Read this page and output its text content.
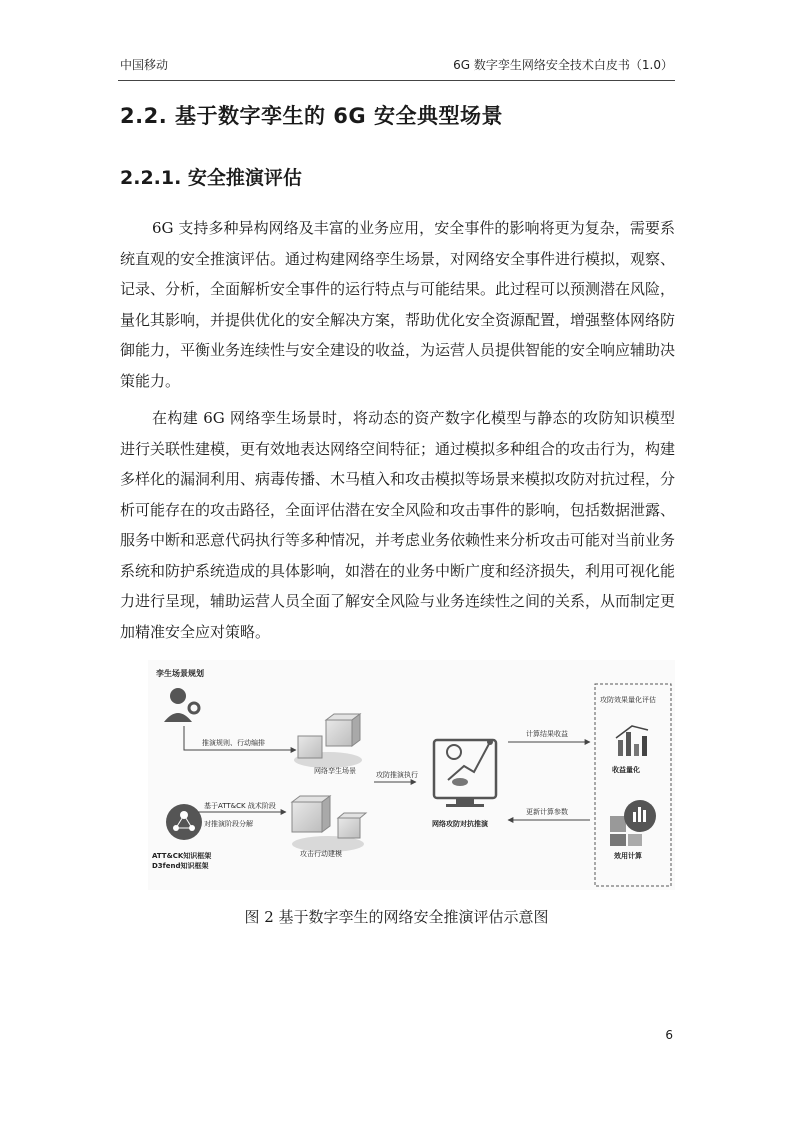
中国移动	6G 数字孪生网络安全技术白皮书（1.0）
2.2. 基于数字孪生的 6G 安全典型场景
2.2.1. 安全推演评估

6G 支持多种异构网络及丰富的业务应用，安全事件的影响将更为复杂，需要系统直观的安全推演评估。通过构建网络孪生场景，对网络安全事件进行模拟，观察、记录、分析，全面解析安全事件的运行特点与可能结果。此过程可以预测潜在风险，量化其影响，并提供优化的安全解决方案，帮助优化安全资源配置，增强整体网络防御能力，平衡业务连续性与安全建设的收益，为运营人员提供智能的安全响应辅助决策能力。

在构建 6G 网络孪生场景时，将动态的资产数字化模型与静态的攻防知识模型进行关联性建模，更有效地表达网络空间特征；通过模拟多种组合的攻击行为，构建多样化的漏洞利用、病毒传播、木马植入和攻击模拟等场景来模拟攻防对抗过程，分析可能存在的攻击路径，全面评估潜在安全风险和攻击事件的影响，包括数据泄露、服务中断和恶意代码执行等多种情况，并考虑业务依赖性来分析攻击可能对当前业务系统和防护系统造成的具体影响，如潜在的业务中断广度和经济损失，利用可视化能力进行呈现，辅助运营人员全面了解安全风险与业务连续性之间的关系，从而制定更加精准安全应对策略。

孪生场景规划
推演规则、行动编排
网络孪生场景	攻防推演执行
网络攻防对抗推演
计算结果收益
更新计算参数
攻防效果量化评估
收益量化
效用计算
ATT&CK知识框架
D3fend知识框架
基于ATT&CK 战术阶段
对推演阶段分解
攻击行动建模
图 2 基于数字孪生的网络安全推演评估示意图
6
